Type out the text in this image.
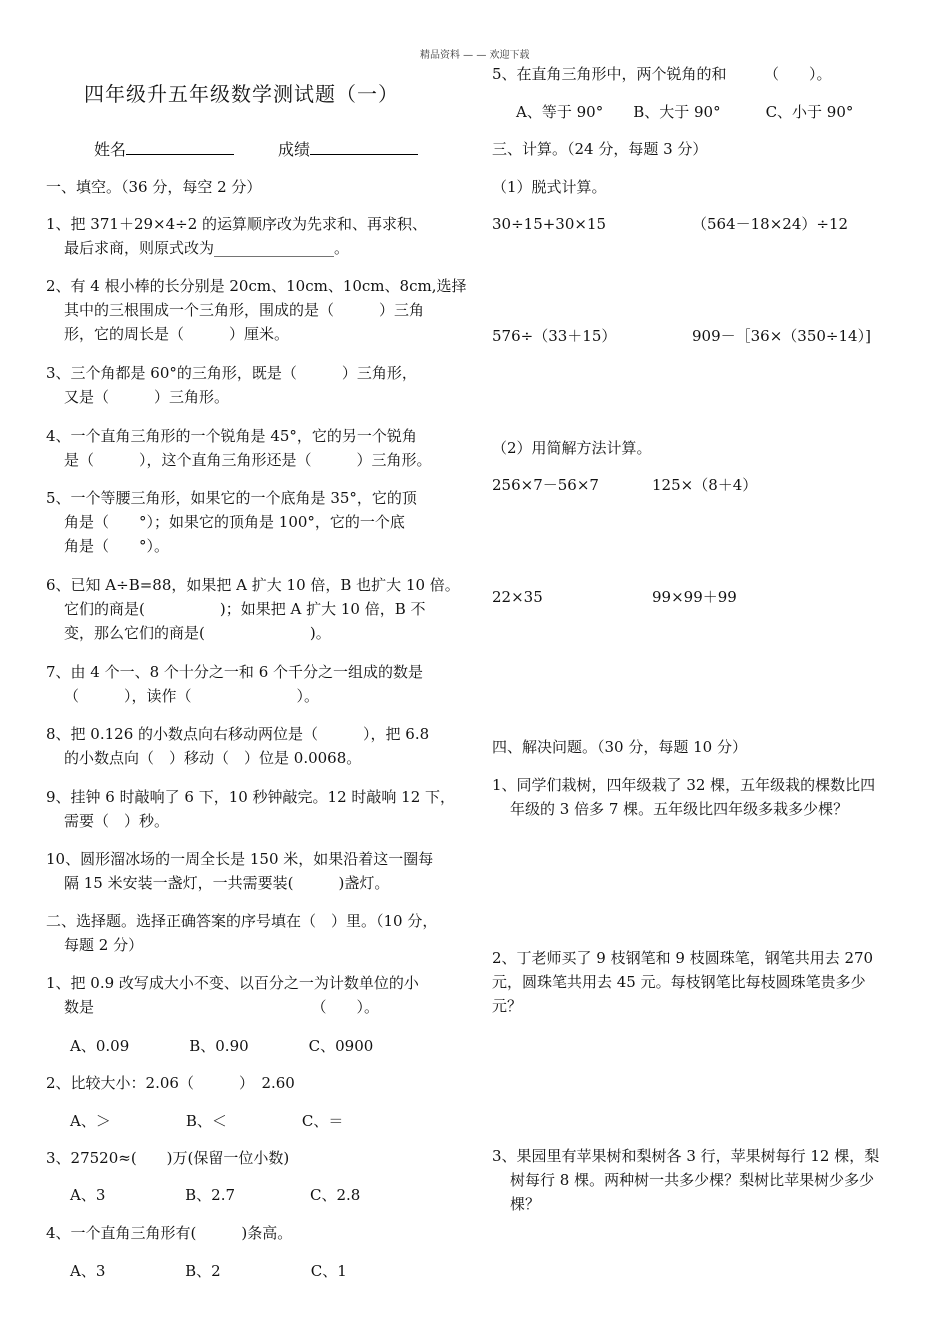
精品资料 — — 欢迎下载
四年级升五年级数学测试题（一）
姓名	成绩
一、填空。（36 分，每空 2 分）
1、把 371＋29×4÷2 的运算顺序改为先求和、再求积、
最后求商，则原式改为________________。
2、有 4 根小棒的长分别是 20cm、10cm、10cm、8cm,选择
其中的三根围成一个三角形，围成的是（　　　）三角
形，它的周长是（　　　）厘米。
3、三个角都是 60°的三角形，既是（　　　）三角形，
又是（　　　）三角形。
4、一个直角三角形的一个锐角是 45°，它的另一个锐角
是（　　　），这个直角三角形还是（　　　）三角形。
5、一个等腰三角形，如果它的一个底角是 35°，它的顶
角是（　　°）；如果它的顶角是 100°，它的一个底
角是（　　°）。
6、已知 A÷B=88，如果把 A 扩大 10 倍，B 也扩大 10 倍。
它们的商是(　　　　　)；如果把 A 扩大 10 倍，B 不
变，那么它们的商是(　　　　　　　)。
7、由 4 个一、8 个十分之一和 6 个千分之一组成的数是
（　　　），读作（　　　　　　　）。
8、把 0.126 的小数点向右移动两位是（　　　），把 6.8
的小数点向（　）移动（　）位是 0.0068。
9、挂钟 6 时敲响了 6 下，10 秒钟敲完。12 时敲响 12 下，
需要（　）秒。
10、圆形溜冰场的一周全长是 150 米，如果沿着这一圈每
隔 15 米安装一盏灯，一共需要装(　　　)盏灯。
二、选择题。选择正确答案的序号填在（　）里。（10 分，
每题 2 分）
1、把 0.9 改写成大小不变、以百分之一为计数单位的小
数是　　　　　　　　　　　　　　　（　　）。
A、0.09　　　　B、0.90　　　　C、0900
2、比较大小：2.06（　　　）　2.60
A、＞　　　　　B、＜　　　　　C、＝
3、27520≈(　　)万(保留一位小数)
A、3　　　　　 B、2.7　　　　　C、2.8
4、一个直角三角形有(　　　)条高。
A、3　　　　　 B、2　　　　　　C、1
5、在直角三角形中，两个锐角的和　　　（　　）。
A、等于 90°　　B、大于 90°　　　C、小于 90°
三、计算。（24 分，每题 3 分）
（1）脱式计算。
30÷15+30×15	（564－18×24）÷12
576÷（33＋15）	909－［36×（350÷14）]
（2）用简解方法计算。
256×7－56×7	125×（8＋4）
22×35	99×99＋99
四、解决问题。（30 分，每题 10 分）
1、同学们栽树，四年级栽了 32 棵，五年级栽的棵数比四
年级的 3 倍多 7 棵。五年级比四年级多栽多少棵？
2、丁老师买了 9 枝钢笔和 9 枝圆珠笔，钢笔共用去 270
元，圆珠笔共用去 45 元。每枝钢笔比每枝圆珠笔贵多少
元？
3、果园里有苹果树和梨树各 3 行，苹果树每行 12 棵，梨
树每行 8 棵。两种树一共多少棵？梨树比苹果树少多少
棵？
